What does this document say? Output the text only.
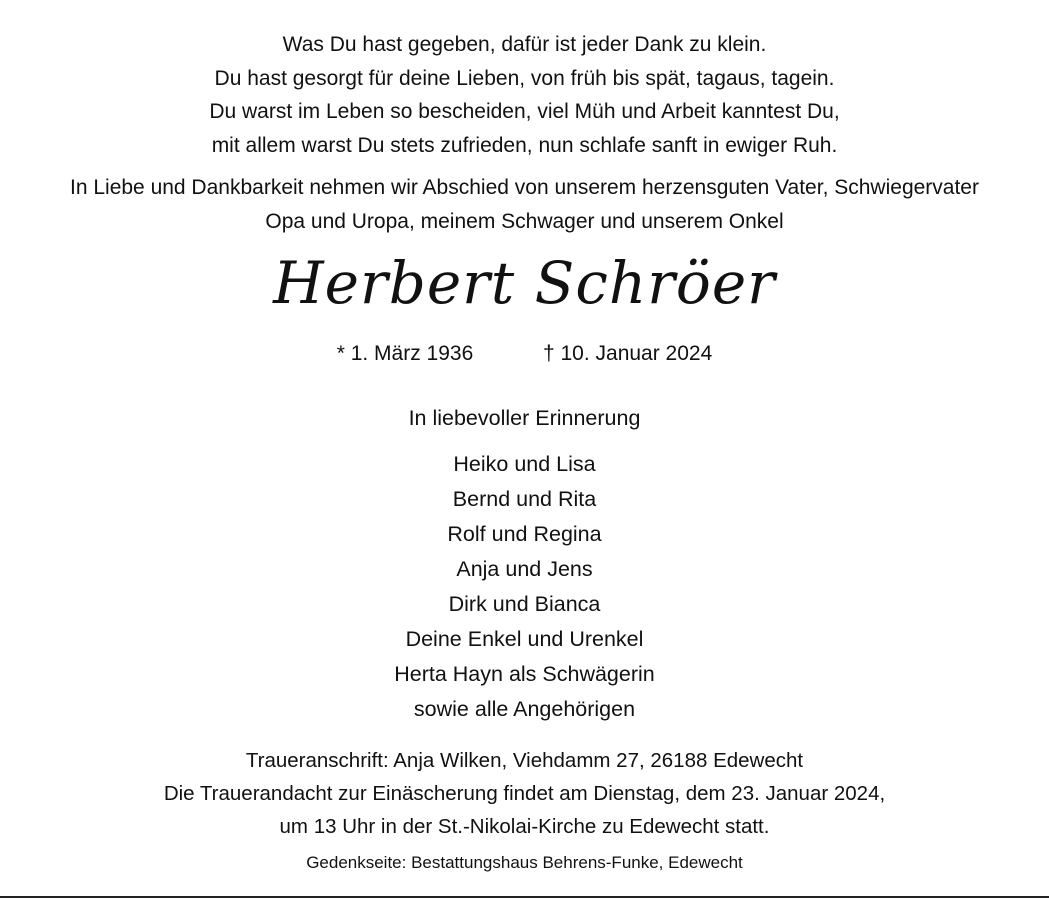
Was Du hast gegeben, dafür ist jeder Dank zu klein.

Du hast gesorgt für deine Lieben, von früh bis spät, tagaus, tagein.

Du warst im Leben so bescheiden, viel Müh und Arbeit kanntest Du,

mit allem warst Du stets zufrieden, nun schlafe sanft in ewiger Ruh.

In Liebe und Dankbarkeit nehmen wir Abschied von unserem herzensguten Vater, Schwiegervater

Opa und Uropa, meinem Schwager und unserem Onkel

Herbert Schröer
* 1. März 1936	† 10. Januar 2024
In liebevoller Erinnerung

Heiko und Lisa

Bernd und Rita

Rolf und Regina

Anja und Jens

Dirk und Bianca

Deine Enkel und Urenkel

Herta Hayn als Schwägerin

sowie alle Angehörigen

Traueranschrift: Anja Wilken, Viehdamm 27, 26188 Edewecht

Die Trauerandacht zur Einäscherung findet am Dienstag, dem 23. Januar 2024,

um 13 Uhr in der St.-Nikolai-Kirche zu Edewecht statt.

Gedenkseite: Bestattungshaus Behrens-Funke, Edewecht
